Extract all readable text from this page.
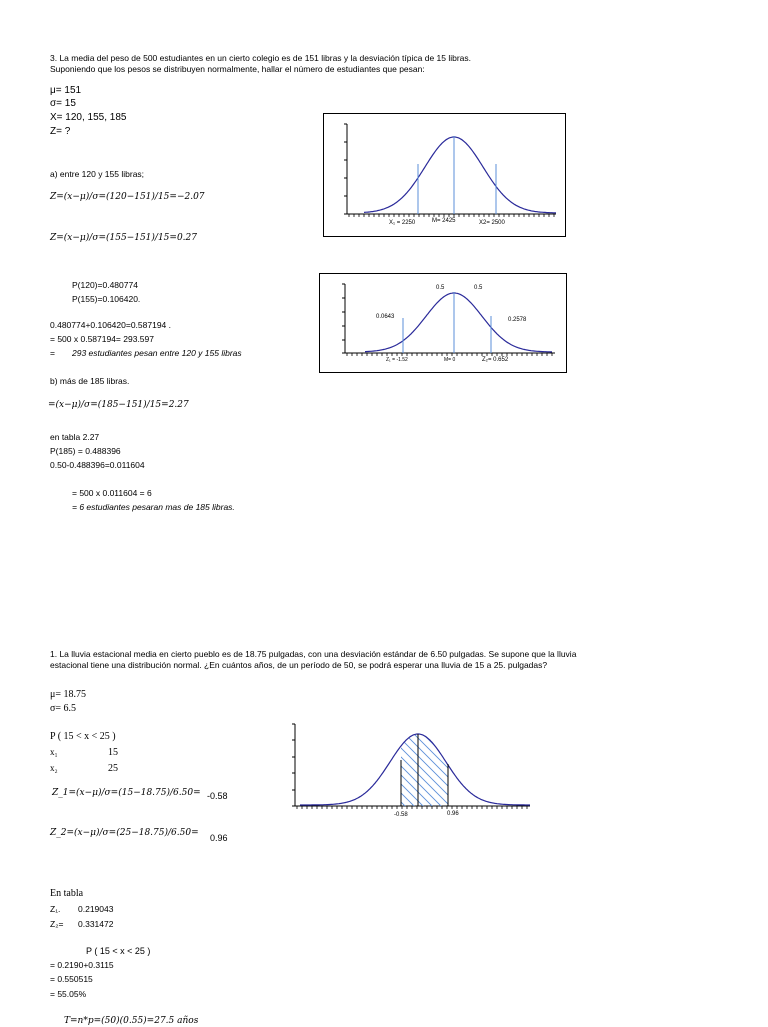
3. La media del peso de 500 estudiantes en un cierto colegio es de 151 libras y la desviación típica de 15 libras.
Suponiendo que los pesos se distribuyen normalmente, hallar el número de estudiantes que pesan:
μ= 151
σ= 15
X= 120, 155, 185
Z= ?
a) entre 120 y 155 libras;
Z=(x−μ)/σ=(120−151)/15=−2.07
Z=(x−μ)/σ=(155−151)/15=0.27
P(120)=0.480774
P(155)=0.106420.
0.480774+0.106420=0.587194 .
= 500 x 0.587194= 293.597
= 293 estudiantes pesan entre 120 y 155 libras
b) más de 185 libras.
=(x−μ)/σ=(185−151)/15=2.27
en tabla 2.27
P(185) = 0.488396
0.50-0.488396=0.011604
= 500 x 0.011604 = 6
= 6 estudiantes pesaran mas de 185 libras.
X₁ = 2250	M= 2425	X2= 2500
0.5	0.5
0.0643	0.2578
Z₁ = -1.52	M= 0	Z₂= 0.652
1. La lluvia estacional media en cierto pueblo es de 18.75 pulgadas, con una desviación estándar de 6.50 pulgadas. Se supone que la lluvia
estacional tiene una distribución normal. ¿En cuántos años, de un período de 50, se podrá esperar una lluvia de 15 a 25. pulgadas?
μ= 18.75
σ= 6.5
P ( 15 < x < 25 )
x₁	15
x₂	25
Z_1=(x−μ)/σ=(15−18.75)/6.50= -0.58
Z_2=(x−μ)/σ=(25−18.75)/6.50= 0.96
En tabla
Z₁. 0.219043
Z₂= 0.331472
P ( 15 < x < 25 )
= 0.2190+0.3115
= 0.550515
= 55.05%
T=n*p=(50)(0.55)=27.5 años
-0.58	0.96
